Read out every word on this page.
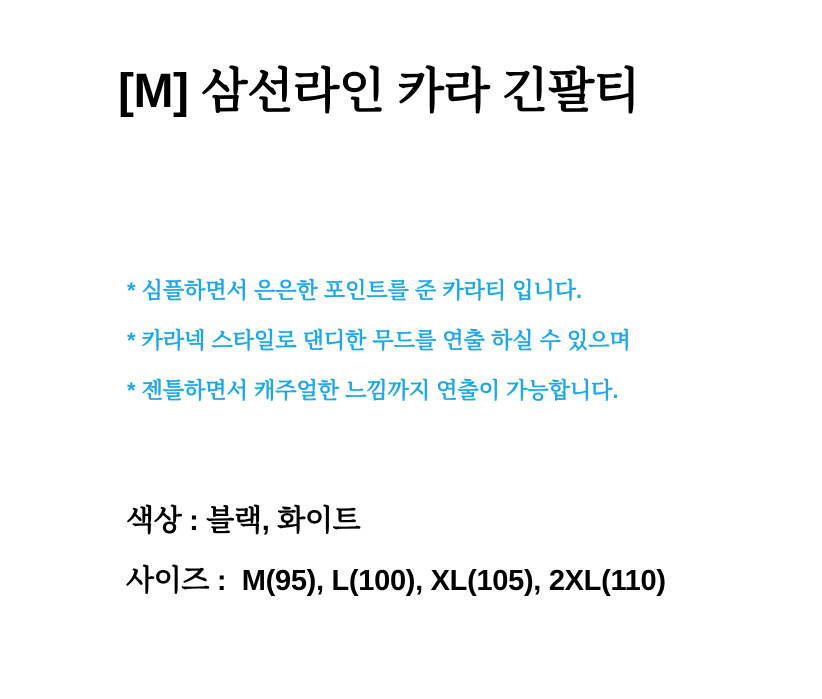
[M] 삼선라인 카라 긴팔티

* 심플하면서 은은한 포인트를 준 카라티 입니다.

* 카라넥 스타일로 댄디한 무드를 연출 하실 수 있으며

* 젠틀하면서 캐주얼한 느낌까지 연출이 가능합니다.

색상 : 블랙, 화이트

사이즈 :  M(95), L(100), XL(105), 2XL(110)
